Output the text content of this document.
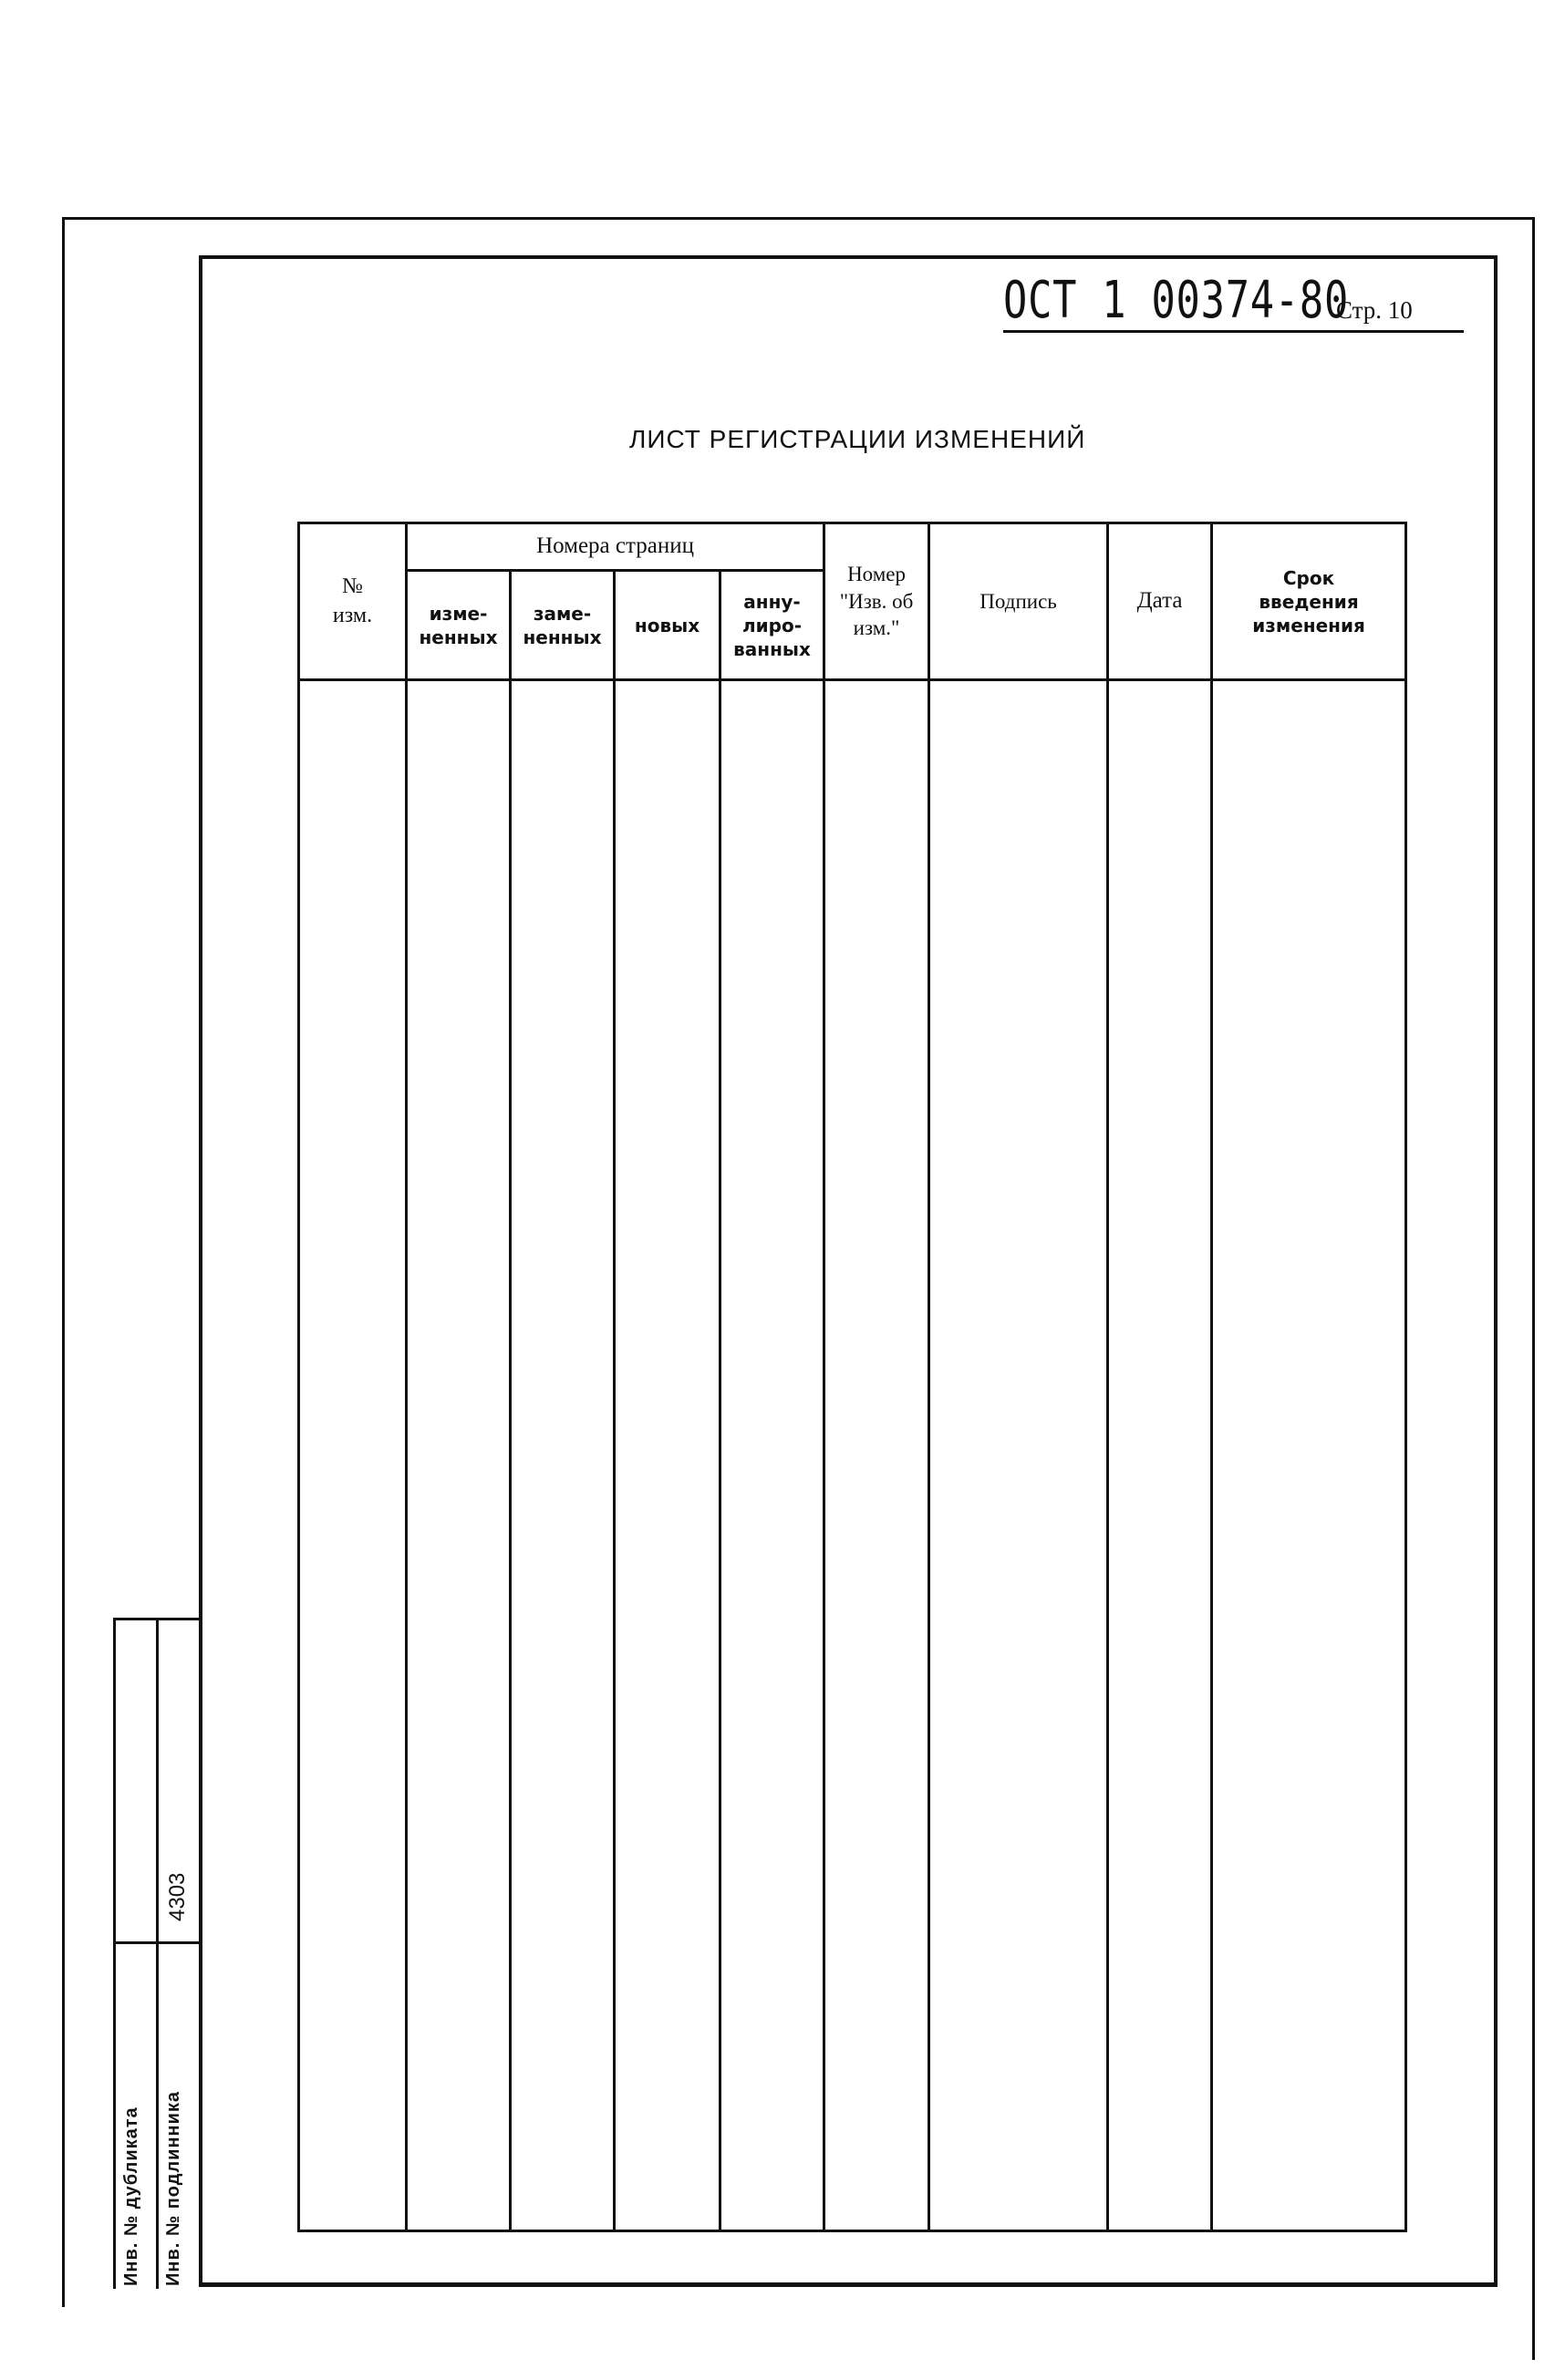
ОСТ 1 00374-80
Стр. 10
ЛИСТ РЕГИСТРАЦИИ ИЗМЕНЕНИЙ
№ изм.	Номера страниц				Номер "Изв. об изм."	Подпись	Дата	Срок введения изменения
	изме-ненных	заме-ненных	новых	анну-лиро-ванных				

Инв. № дубликата Инв. № подлинника
4303
